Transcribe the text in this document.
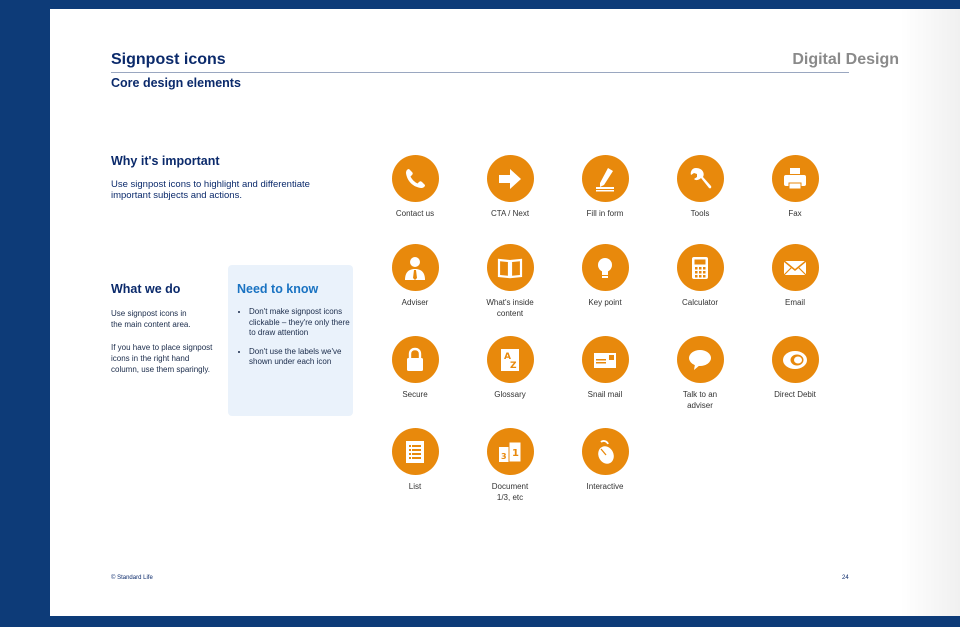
Signpost icons	Digital Design
Core design elements
Why it's important
Use signpost icons to highlight and differentiate
important subjects and actions.
What we do
Use signpost icons in
the main content area.
If you have to place signpost
icons in the right hand
column, use them sparingly.
Need to know
• Don't make signpost icons clickable – they're only there to draw attention
• Don't use the labels we've shown under each icon
Contact us	CTA / Next	Fill in form	Tools	Fax
Adviser	What's inside
content
Key point	Calculator	Email
Secure
A
Z
Glossary	Snail mail	Talk to an
adviser
Direct Debit
List
3 1
Document
1/3, etc
Interactive
© Standard Life	24
